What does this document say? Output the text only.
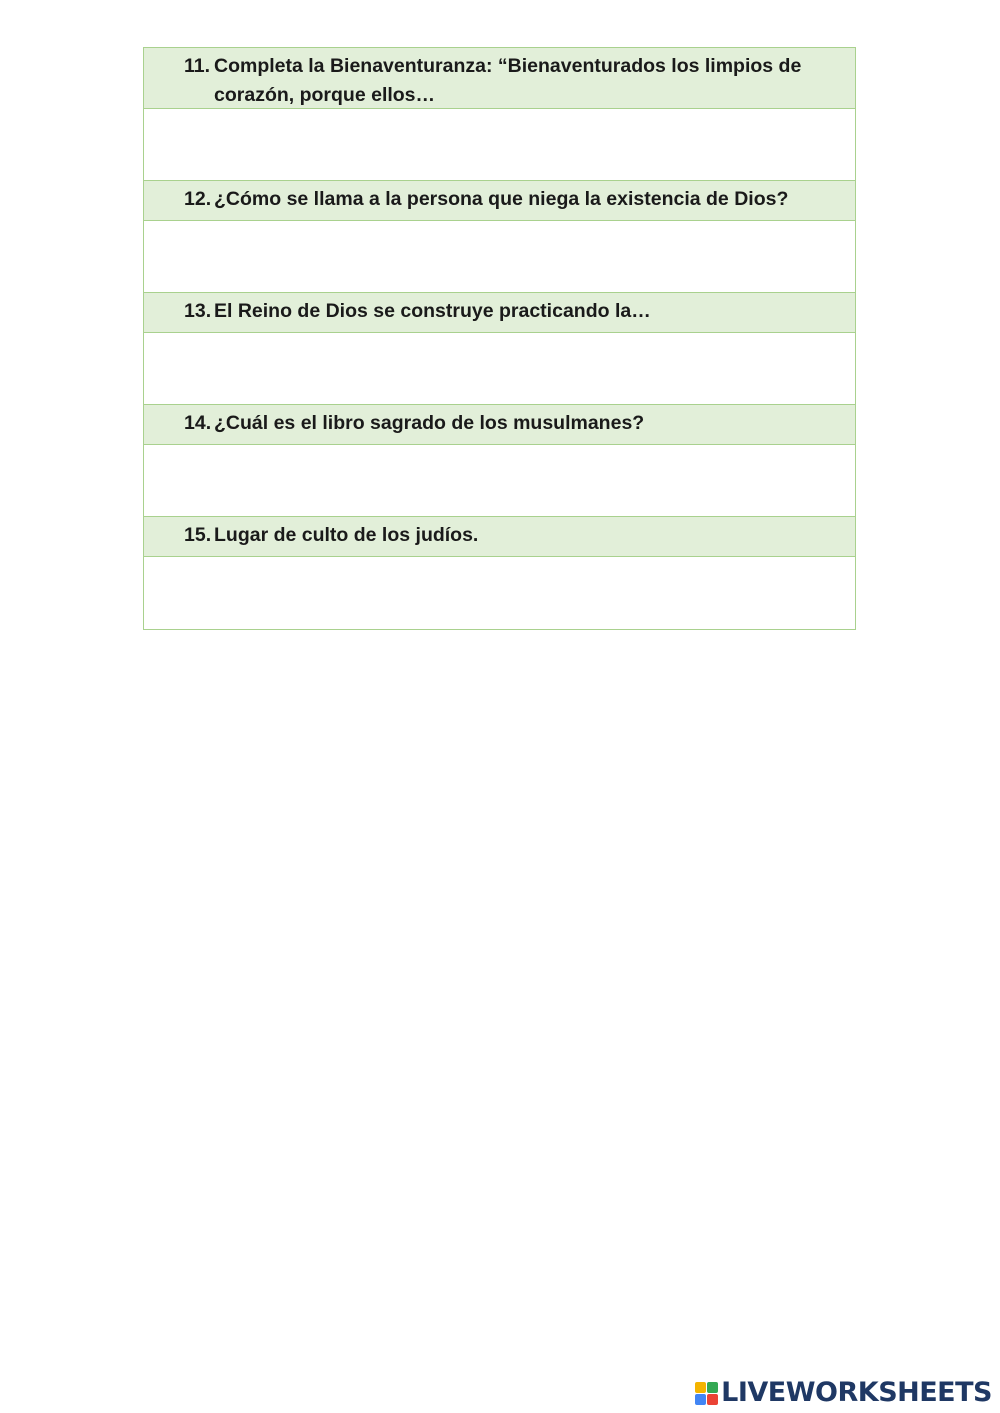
11. Completa la Bienaventuranza: “Bienaventurados los limpios de corazón, porque ellos…
12. ¿Cómo se llama a la persona que niega la existencia de Dios?
13. El Reino de Dios se construye practicando la…
14. ¿Cuál es el libro sagrado de los musulmanes?
15. Lugar de culto de los judíos.
LIVEWORKSHEETS
